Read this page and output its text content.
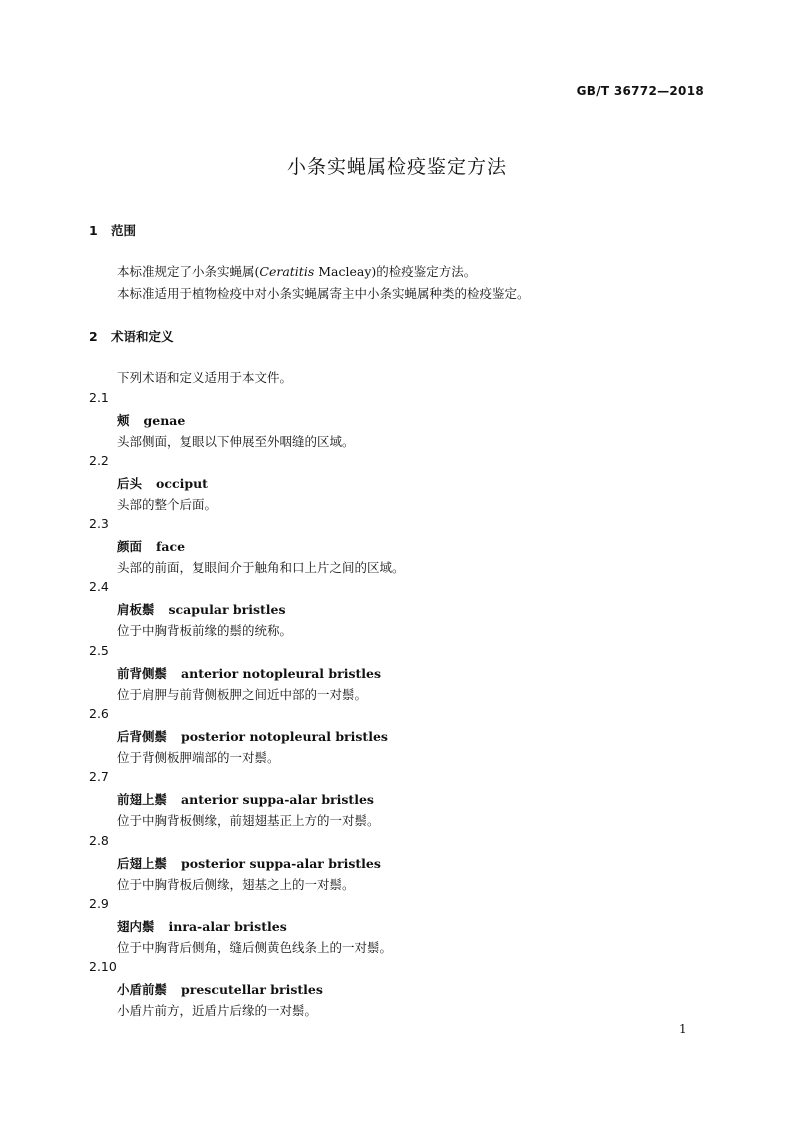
GB/T 36772—2018
小条实蝇属检疫鉴定方法
1 范围
本标准规定了小条实蝇属(Ceratitis Macleay)的检疫鉴定方法。
本标准适用于植物检疫中对小条实蝇属寄主中小条实蝇属种类的检疫鉴定。
2 术语和定义
下列术语和定义适用于本文件。
2.1
颊 genae
头部侧面，复眼以下伸展至外咽缝的区域。
2.2
后头 occiput
头部的整个后面。
2.3
颜面 face
头部的前面，复眼间介于触角和口上片之间的区域。
2.4
肩板鬃 scapular bristles
位于中胸背板前缘的鬃的统称。
2.5
前背侧鬃 anterior notopleural bristles
位于肩胛与前背侧板胛之间近中部的一对鬃。
2.6
后背侧鬃 posterior notopleural bristles
位于背侧板胛端部的一对鬃。
2.7
前翅上鬃 anterior suppa-alar bristles
位于中胸背板侧缘，前翅翅基正上方的一对鬃。
2.8
后翅上鬃 posterior suppa-alar bristles
位于中胸背板后侧缘，翅基之上的一对鬃。
2.9
翅内鬃 inra-alar bristles
位于中胸背后侧角，缝后侧黄色线条上的一对鬃。
2.10
小盾前鬃 prescutellar bristles
小盾片前方，近盾片后缘的一对鬃。
1
